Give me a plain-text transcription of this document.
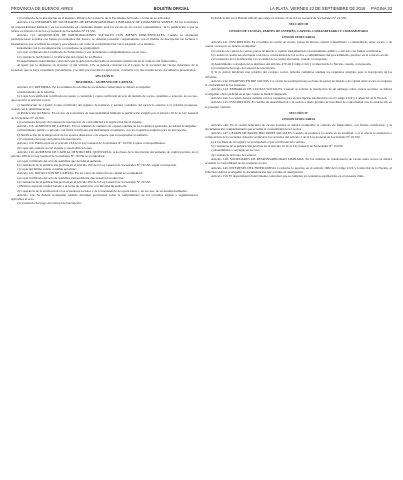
PROVINCIA DE BUENOS AIRES	BOLETÍN OFICIAL	LA PLATA, VIERNES 23 DE SEPTIEMBRE DE 2016     PÁGINA 33

c) Constancia de la inscripción en el Registro Público de Comercio de la Escribanía del fondo o fecha de su actividad.

Artículo 114. INFORMES DE SOCIEDADES DE RESPONSABILIDAD LIMITADA Y DE COMANDITA SIMPLE. En las sociedades de responsabilidad limitada y en las sociedades en comandita simple para las cuotas de los socios comanditarios, de la publicación a que se refiere el artículo 10 de la Ley General de Sociedades N° 19.550.

Artículo 115. ADQUISICIÓN DE PARTICIPACIONES SOCIALES CON BIENES PORCENTUALES. Cuando se adquieran participaciones sociales con bienes provenientes del Tesoro, se deberán presentar conjuntamente con el trámite de inscripción las facturas o instrumentos que acrediten su origen y procedencia, así como la conformidad del valor asignado a los mismos.

Juntamente con la documentación a consultarse se acompañará:

a) Copia certificada del Certificado de Fideicomiso y sus documentos complementarios, en su caso.

b) Constancia del Estudio o certificación del origen de los Bienes.

El departamento interviniente controlará que la aplicación efectuada se encuentre justificada en el contrato del fideicomiso.

Al igual que lo dispuesto en el inciso c) del artículo 133, se deberá constatar en el Legajo de la sociedad del cuerpo fiduciario de la sociedad, que se haya constituido previamente, y se dará por inscripta la aportación, conforme a lo que resulta de los documentos presentados.

SECCIÓN II

REFORMA – AUMENTO DE CAPITAL

Artículo 117. REFORMA. En los trámites de reforma de sociedades comerciales se deberá acompañar:

a) Instrumento de la reforma.

b) Copia fotocertificada certificada en cuanto a contenido y copia certificada de acta de reunión de socios, asamblea o acuerdo, en su caso, que resolvió la reforma social.

c) Justificación de Capital. Copia certificada del registro de balances y estados contables del ejercicio anterior a la reforma propuesta, cuando así lo determine la ley.

d) Publicación del Edicto. En el caso de sociedades de responsabilidad limitada la publicación exigida por el artículo 10 de la Ley General de Sociedades N° 19.550.

e) Constancia del pago del arancel de inscripción, de conformidad a la legislación fiscal vigente.

Artículo 118. AUMENTO DE CAPITAL. En los trámites de aumento de capital, además de los requisitos generales, se deberá acompañar:

a) Instrumento público o privado con firma certificada que instrumente el aumento, con los requisitos exigidos para su inscripción.

b) Justificación de la integración de los aportes dinerarios o en especie que correspondan al aumento.

c) Constancia del pago del arancel de inscripción.

Artículo 119. Publicación en el artículo 194 de la Ley General de Sociedades N° 19.550. Copias correspondientes.

d) Copia del contrato social vigente y sus modificaciones.

Artículo 120. AUMENTO DE CAPITAL DENTRO DEL QUÍNTUPLO. A los fines de la inscripción del aumento de capital previsto en el artículo 188 de la Ley General de Sociedades N° 19.550 se acompañará:

a) Copia certificada del acta de asamblea que decidió el aumento.

b) Constancia de la publicación prevista en el artículo 194 de la Ley General de Sociedades N° 19.550, según corresponda.

c) Copia del último estado contable aprobado.

Artículo 121. REDUCCIÓN DE CAPITAL. En los casos de reducción de capital se acompañará:

a) Copia certificada del acta de asamblea extraordinaria que resuelva la reducción.

b) Constancia de la publicación prevista en el artículo 204 de la Ley General de Sociedades N° 19.550.

c) Balance especial confeccionado a la fecha de reducción, con informe de auditoría.

d) Constancia de la notificación a los acreedores sociales y de la inexistencia de oposiciones o, en su caso, de su desinteresamiento.

Artículo 122. Se deberá acompañar además dictamen profesional sobre el cumplimiento de los recaudos legales y reglamentarios aplicables al acto.

e) Constancia del pago del arancel de inscripción.

h) Publicación en el Boletín Oficial que exige el artículo 10 de la Ley General de Sociedades N° 19.550.

SECCIÓN III

CESIÓN DE CUOTAS, PARTES DE INTERÉS, CAPITAL COMANDITARIO Y COMANDITADO

CESIÓN FIDUCIARIA

Artículo 141. INSCRIPCIÓN. En el trámite de cesión de cuotas, partes de interés, capital comanditario o comanditado, entre socios, o de cesión a terceros, se deberá acompañar:

a) Contrato de cesión de cuotas, partes de interés o capital, instrumentado en instrumento público o privado con firmas certificadas.

b) Cuando la cesión sea efectuada a terceros, conformidad de los socios o cumplimiento del procedimiento previsto en el contrato social.

c) Constancia de la notificación a la sociedad de la cesión efectuada, cuando corresponda.

d) Asentimiento conyugal en los términos del artículo 470 del Código Civil y Comercial de la Nación, cuando corresponda.

e) Constancia del pago del arancel de inscripción.

f) Si la cesión implicara una reforma del contrato social, deberán cumplirse además los requisitos exigidos para la inscripción de las reformas.

Artículo 142. INGRESOS ENTRE SOCIOS. La cesión de participaciones sociales de partes de interés o de capital entre socios no requiere la conformidad de los restantes.

Artículo 143. EMBARGO DE CUOTAS SOCIALES. Cuando se solicite la inscripción de un embargo sobre cuotas sociales, se deberá acompañar oficio judicial en el que conste la medida dispuesta.

Artículo 144. La cesión deberá cumplir con los requisitos para su inscripción establecidos en el Código Civil y Comercial de la Nación.

Artículo 145. INSCRIPCIÓN. El cambio de denominación o la cesión a título gratuito se inscribirá de conformidad con lo establecido en el presente capítulo.

SECCIÓN IV

CESIÓN FIDUCIARIA

Artículo 146. En la cesión fiduciaria de cuotas sociales se deberá acompañar el contrato de fideicomiso, con firmas certificadas, y la documentación complementaria que acredite la conformidad de los socios.

Artículo 147. CESIÓN DE PARTICIPACIONES SOCIALES. Cuando se produzca la cesión en su totalidad, o si se afecta la existencia o composición de la sociedad, deberán verificarse los recaudos del artículo 1 de la Ley General de Sociedades N° 19.550.

a) A los fines de su registro se acompañará copia certificada del contrato.

b) Constancia de la publicación prevista en el artículo 10 de la Ley General de Sociedades N° 19.550.

c) Asentimiento conyugal, en su caso.

d) Constancia del pago del arancel.

Artículo 148. SOCIEDADES DE RESPONSABILIDAD LIMITADA. En los trámites de transferencia de cuotas entre socios se deberá acreditar la conformidad de los restantes socios.

Artículo 149. INTERESES DEL FIDEICOMISO. Conforme lo previsto en el artículo 1682 del Código Civil y Comercial de la Nación, el fiduciario deberá acompañar la documentación que acredite su designación.

Artículo 150. El departamento interviniente controlará que se cumplan los requisitos establecidos en el presente título.
